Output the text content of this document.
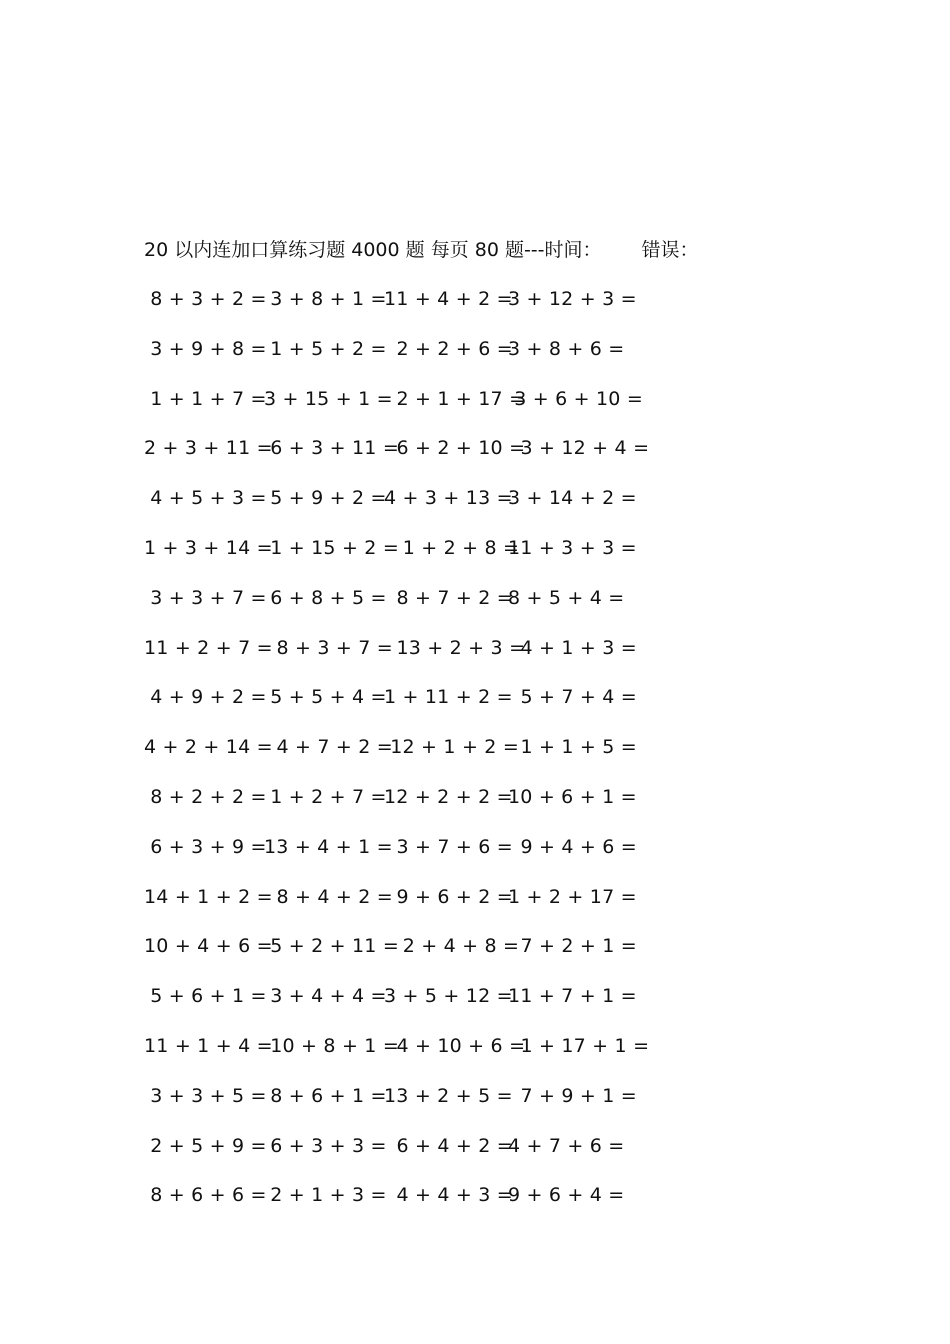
20 以内连加口算练习题 4000 题 每页 80 题---时间： 错误：
8 + 3 + 2 =
3 + 8 + 1 =
11 + 4 + 2 =
3 + 12 + 3 =
3 + 9 + 8 =
1 + 5 + 2 =
2 + 2 + 6 =
3 + 8 + 6 =
1 + 1 + 7 =
3 + 15 + 1 =
2 + 1 + 17 =
3 + 6 + 10 =
2 + 3 + 11 =
6 + 3 + 11 =
6 + 2 + 10 =
3 + 12 + 4 =
4 + 5 + 3 =
5 + 9 + 2 =
4 + 3 + 13 =
3 + 14 + 2 =
1 + 3 + 14 =
1 + 15 + 2 =
1 + 2 + 8 =
11 + 3 + 3 =
3 + 3 + 7 =
6 + 8 + 5 =
8 + 7 + 2 =
8 + 5 + 4 =
11 + 2 + 7 =
8 + 3 + 7 =
13 + 2 + 3 =
4 + 1 + 3 =
4 + 9 + 2 =
5 + 5 + 4 =
1 + 11 + 2 =
5 + 7 + 4 =
4 + 2 + 14 =
4 + 7 + 2 =
12 + 1 + 2 =
1 + 1 + 5 =
8 + 2 + 2 =
1 + 2 + 7 =
12 + 2 + 2 =
10 + 6 + 1 =
6 + 3 + 9 =
13 + 4 + 1 =
3 + 7 + 6 =
9 + 4 + 6 =
14 + 1 + 2 =
8 + 4 + 2 =
9 + 6 + 2 =
1 + 2 + 17 =
10 + 4 + 6 =
5 + 2 + 11 =
2 + 4 + 8 =
7 + 2 + 1 =
5 + 6 + 1 =
3 + 4 + 4 =
3 + 5 + 12 =
11 + 7 + 1 =
11 + 1 + 4 =
10 + 8 + 1 =
4 + 10 + 6 =
1 + 17 + 1 =
3 + 3 + 5 =
8 + 6 + 1 =
13 + 2 + 5 =
7 + 9 + 1 =
2 + 5 + 9 =
6 + 3 + 3 =
6 + 4 + 2 =
4 + 7 + 6 =
8 + 6 + 6 =
2 + 1 + 3 =
4 + 4 + 3 =
9 + 6 + 4 =
